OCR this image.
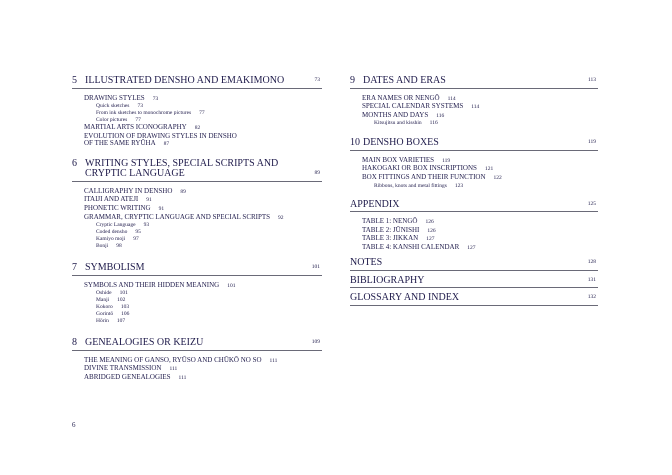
5 ILLUSTRATED DENSHO AND EMAKIMONO	73
DRAWING STYLES 73
Quick sketches 73
From ink sketches to monochrome pictures 77
Color pictures 77
MARTIAL ARTS ICONOGRAPHY 82
EVOLUTION OF DRAWING STYLES IN DENSHO
OF THE SAME RYŪHA 87
6 WRITING STYLES, SPECIAL SCRIPTS AND
CRYPTIC LANGUAGE	89
CALLIGRAPHY IN DENSHO 89
ITAIJI AND ATEJI 91
PHONETIC WRITING 91
GRAMMAR, CRYPTIC LANGUAGE AND SPECIAL SCRIPTS 92
Cryptic Language 93
Coded densho 95
Kamiyo moji 97
Bonji 98
7 SYMBOLISM	101
SYMBOLS AND THEIR HIDDEN MEANING 101
Oshide 101
Manji 102
Kokoro 103
Gorintō 106
Hōrin 107
8 GENEALOGIES OR KEIZU	109
THE MEANING OF GANSO, RYŪSO AND CHŪKŌ NO SO 111
DIVINE TRANSMISSION 111
ABRIDGED GENEALOGIES 111
9 DATES AND ERAS	113
ERA NAMES OR NENGŌ 114
SPECIAL CALENDAR SYSTEMS 114
MONTHS AND DAYS 116
Kitsujitsu and kisshin 116
10 DENSHO BOXES	119
MAIN BOX VARIETIES 119
HAKOGAKI OR BOX INSCRIPTIONS 121
BOX FITTINGS AND THEIR FUNCTION 122
Ribbons, knots and metal fittings 123
APPENDIX	125
TABLE 1: NENGŌ 126
TABLE 2: JŪNISHI 126
TABLE 3: JIKKAN 127
TABLE 4: KANSHI CALENDAR 127
NOTES	128
BIBLIOGRAPHY	131
GLOSSARY AND INDEX	132
6
